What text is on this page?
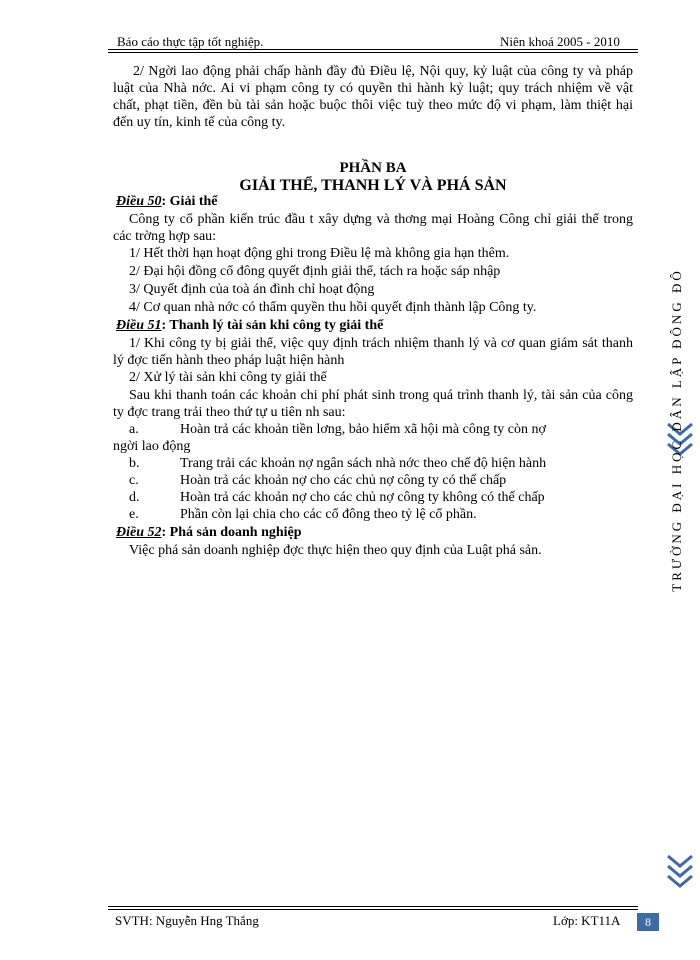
Báo cáo thực tập tốt nghiệp.	Niên khoá 2005 - 2010
2/ Ngời lao động phải chấp hành đầy đủ Điều lệ, Nội quy, kỷ luật của công ty và pháp luật của Nhà nớc. Ai vi phạm công ty có quyền thi hành kỷ luật; quy trách nhiệm về vật chất, phạt tiền, đền bù tài sản hoặc buộc thôi việc tuỳ theo mức độ vi phạm, làm thiệt hại đến uy tín, kinh tế của công ty.
PHẦN BA
GIẢI THỂ, THANH LÝ VÀ PHÁ SẢN
Điều 50: Giải thể
Công ty cổ phần kiến trúc đầu t xây dựng và thơng mại Hoàng Công chỉ giải thể trong các trờng hợp sau:
1/ Hết thời hạn hoạt động ghi trong Điều lệ mà không gia hạn thêm.
2/ Đại hội đồng cổ đông quyết định giải thể, tách ra hoặc sáp nhập
3/ Quyết định của toà án đình chỉ hoạt động
4/ Cơ quan nhà nớc có thẩm quyền thu hồi quyết định thành lập Công ty.
Điều 51: Thanh lý tài sản khi công ty giải thể
1/ Khi công ty bị giải thể, việc quy định trách nhiệm thanh lý và cơ quan giám sát thanh lý đợc tiến hành theo pháp luật hiện hành
2/ Xử lý tài sản khi công ty giải thể
Sau khi thanh toán các khoản chi phí phát sinh trong quá trình thanh lý, tài sản của công ty đợc trang trải theo thứ tự u tiên nh sau:
a.	Hoàn trả các khoản tiền lơng, bảo hiểm xã hội mà công ty còn nợ
ngời lao động
b.	Trang trải các khoản nợ ngân sách nhà nớc theo chế độ hiện hành
c.	Hoàn trả các khoản nợ cho các chủ nợ công ty có thế chấp
d.	Hoàn trả các khoản nợ cho các chủ nợ công ty không có thế chấp
e.	Phần còn lại chia cho các cổ đông theo tỷ lệ cổ phần.
Điều 52: Phá sản doanh nghiệp
Việc phá sản doanh nghiệp đợc thực hiện theo quy định của Luật phá sản.	TRƯỜNG ĐẠI HỌC DÂN LẬP ĐÔNG ĐÔ
SVTH: Nguyễn Hng Thắng	Lớp: KT11A	8
